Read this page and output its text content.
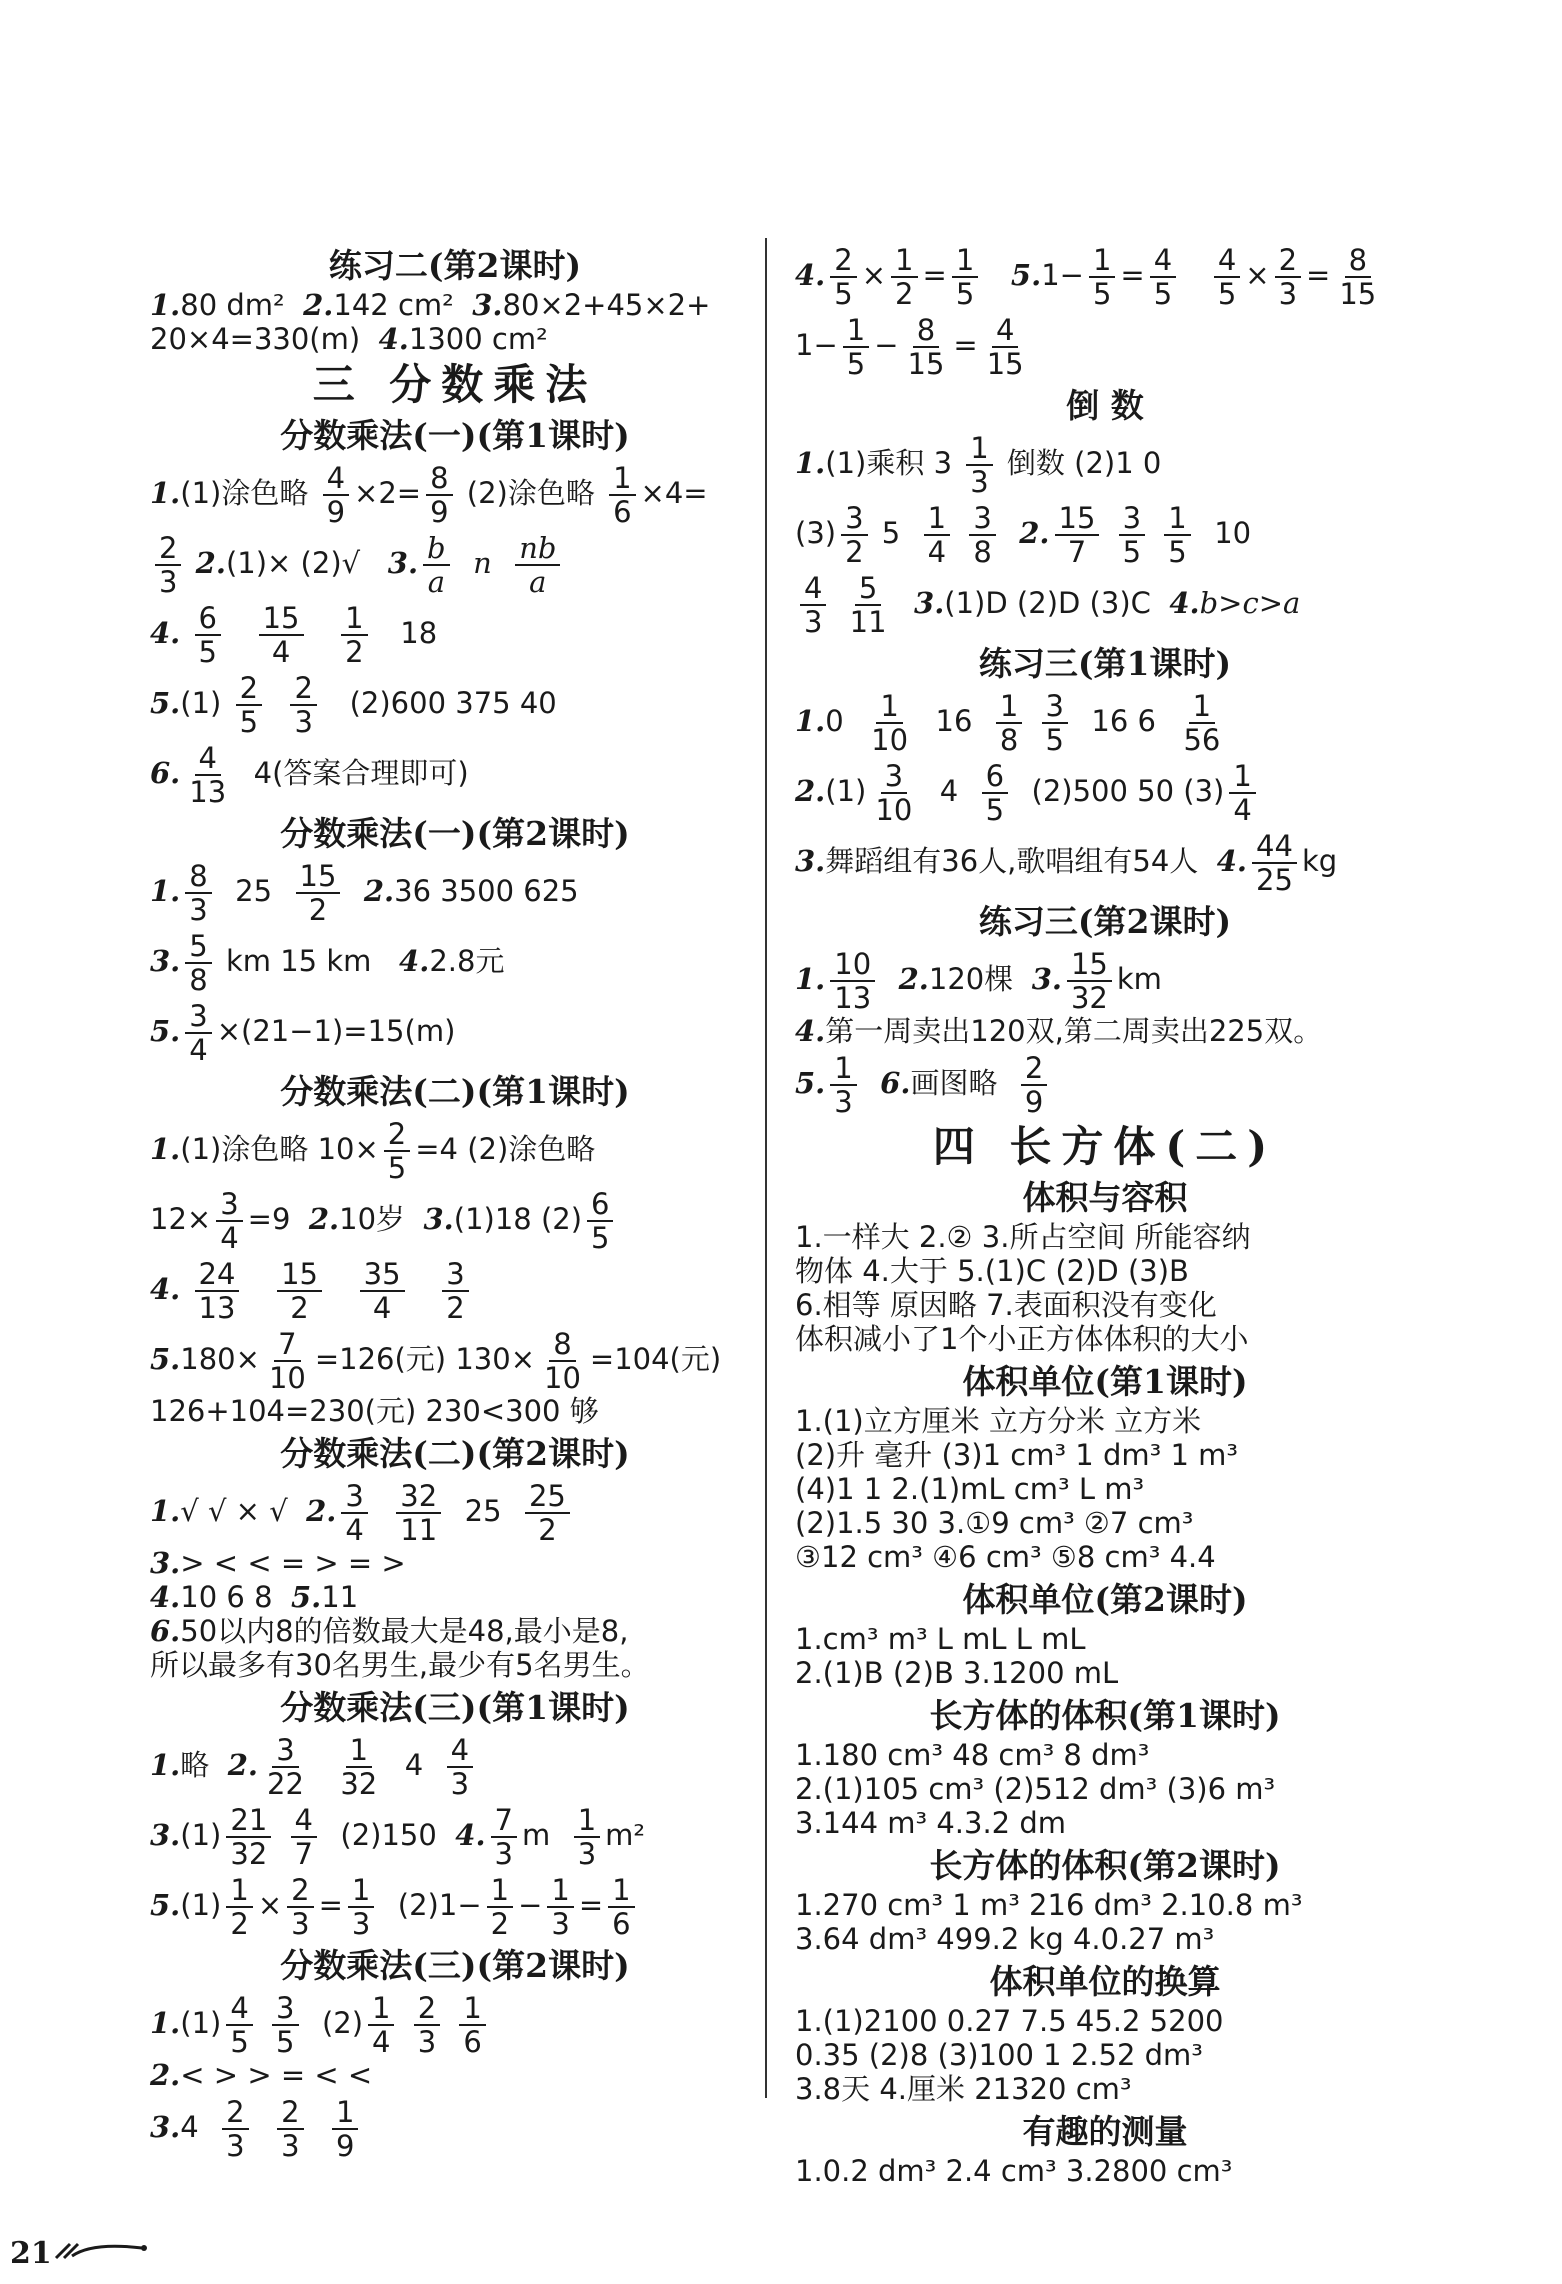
练习二(第2课时)
1.80 dm² 2.142 cm² 3.80×2+45×2+
20×4=330(m) 4.1300 cm²
三 分数乘法
分数乘法(一)(第1课时)
1.(1)涂色略 $\frac{4}{9} \times 2= \frac{8}{9} (2)$涂色略 $\frac{1}{6} \times 4=$
$\frac{2}{3} 2.(1)\times (2)√$ 3. $\frac{b}{a}$ n $\frac{nb}{a}$
4. $\frac{6}{5}$
$\frac{15}{4}$
$\frac{1}{2} 18$
$5.(1) \frac{2}{5}$
$\frac{2}{3} (2)600$ 375 40
6. $\frac{4}{13} 4$(答案合理即可)
分数乘法(一)(第2课时)
1. $\frac{8}{3} 25 \frac{15}{2} 2.36$ 3500 625
3. $\frac{5}{8}$ km 15 km 4.2.8元
5. $\frac{3}{4} \times(21-1)=15(m)$
分数乘法(二)(第1课时)
1.(1)涂色略 $10\times \frac{2}{5} =4$ (2)涂色略
$12\times \frac{3}{4} =9$ 2.10岁 3.(1)18 $(2) \frac{6}{5}$
4. $\frac{24}{13}$
$\frac{15}{2}$
$\frac{35}{4}$
$\frac{3}{2}$
$5.180\times \frac{7}{10} =126$(元) $130\times \frac{8}{10} =104$(元)
126+104=230(元) 230<300 够
分数乘法(二)(第2课时)
1.√ √ × √ 2. $\frac{3}{4}$
$\frac{32}{11} 25 \frac{25}{2}$
3.> < < = > = >
4.10 6 8 5.11
6.50以内8的倍数最大是48,最小是8,
所以最多有30名男生,最少有5名男生。
分数乘法(三)(第1课时)
1.略 2. $\frac{3}{22}$
$\frac{1}{32} 4 \frac{4}{3}$
$3.(1) \frac{21}{32}$
$\frac{4}{7} (2)150$ 4. $\frac{7}{3}$ m $\frac{1}{3} m^2$
$5.(1) \frac{1}{2} \times \frac{2}{3} = \frac{1}{3} (2)1- \frac{1}{2} - \frac{1}{3} = \frac{1}{6}$
分数乘法(三)(第2课时)
$1.(1) \frac{4}{5}$
$\frac{3}{5} (2) \frac{1}{4}$
$\frac{2}{3}$
$\frac{1}{6}$
2.< > > = < <
$3.4 \frac{2}{3}$
$\frac{2}{3}$
$\frac{1}{9}$
4. $\frac{2}{5} \times \frac{1}{2} = \frac{1}{5} 5.1- \frac{1}{5} = \frac{4}{5}$
$\frac{4}{5} \times \frac{2}{3} = \frac{8}{15}$
$1- \frac{1}{5} - \frac{8}{15} = \frac{4}{15}$
倒 数
1.(1)乘积 $3 \frac{1}{3}$ 倒数 (2)1 0
$(3) \frac{3}{2} 5 \frac{1}{4}$
$\frac{3}{8} 2$. $\frac{15}{7}$
$\frac{3}{5}$
$\frac{1}{5} 10$
$\frac{4}{3}$
$\frac{5}{11} 3.(1)D$ (2)D (3)C 4.b>c>a
练习三(第1课时)
$1.0 \frac{1}{10} 16 \frac{1}{8}$
$\frac{3}{5} 16$ $6 \frac{1}{56}$
$2.(1) \frac{3}{10} 4 \frac{6}{5} (2)500$ 50 $(3) \frac{1}{4}$
3.舞蹈组有36人,歌唱组有54人 4. $\frac{44}{25}$ kg
练习三(第2课时)
1. $\frac{10}{13} 2.120$棵 3. $\frac{15}{32}$ km
4.第一周卖出120双,第二周卖出225双。
5. $\frac{1}{3} 6$.画图略 $\frac{2}{9}$
四 长方体(二)
体积与容积
1.一样大 2.② 3.所占空间 所能容纳
物体 4.大于 5.(1)C (2)D (3)B
6.相等 原因略 7.表面积没有变化
体积减小了1个小正方体体积的大小
体积单位(第1课时)
1.(1)立方厘米 立方分米 立方米
(2)升 毫升 (3)1 cm³ 1 dm³ 1 m³
(4)1 1 2.(1)mL cm³ L m³
(2)1.5 30 3.①9 cm³ ②7 cm³
③12 cm³ ④6 cm³ ⑤8 cm³ 4.4
体积单位(第2课时)
1.cm³ m³ L mL L mL
2.(1)B (2)B 3.1200 mL
长方体的体积(第1课时)
1.180 cm³ 48 cm³ 8 dm³
2.(1)105 cm³ (2)512 dm³ (3)6 m³
3.144 m³ 4.3.2 dm
长方体的体积(第2课时)
1.270 cm³ 1 m³ 216 dm³ 2.10.8 m³
3.64 dm³ 499.2 kg 4.0.27 m³
体积单位的换算
1.(1)2100 0.27 7.5 45.2 5200
0.35 (2)8 (3)100 1 2.52 dm³
3.8天 4.厘米 21320 cm³
有趣的测量
1.0.2 dm³ 2.4 cm³ 3.2800 cm³
21
